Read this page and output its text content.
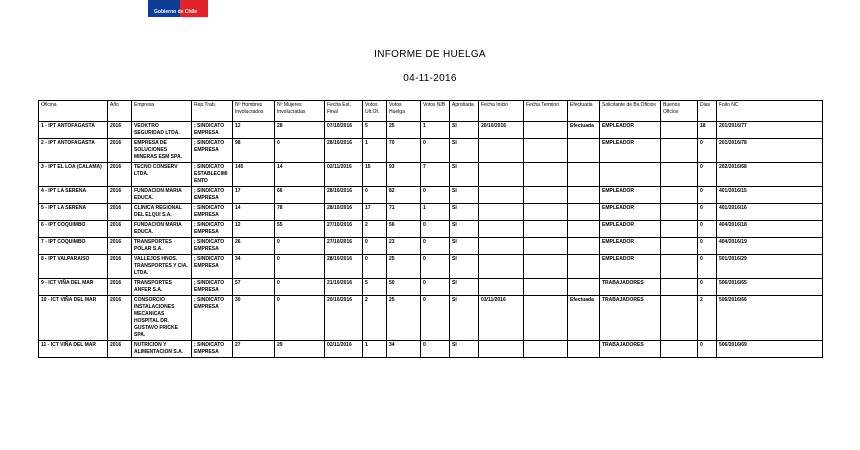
Gobierno de Chile
INFORME DE HUELGA
04-11-2016
Oficina	Año	Empresa	Rep.Trab.	Nº Hombres Involucrados	Nº Mujeres Involucradas	Fecha Est. Final	Votos Ult.Of.	Votos Huelga	Votos N/B	Aprobada	Fecha Inicio	Fecha Termino	Efectuada	Solicitante de Bs.Oficios	Buenos Oficios	Dias	Folio NC
1 - IPT ANTOFAGASTA	2016	VEOKTRO SEGURIDAD LTDA.	; SINDICATO EMPRESA	12	28	07/10/2016	5	25	1	SI	20/10/2016		Efectuada	EMPLEADOR		18	201/2016/77
2 - IPT ANTOFAGASTA	2016	EMPRESA DE SOLUCIONES MINERAS ESM SPA.	; SINDICATO EMPRESA	98	0	28/10/2016	1	70	0	SI				EMPLEADOR		0	201/2016/78
3 - IPT EL LOA (CALAMA)	2016	TECNO CONSERV LTDA.	; SINDICATO ESTABLECIMIENTO	145	14	02/11/2016	15	93	7	SI						0	202/2016/68
4 - IPT LA SERENA	2016	FUNDACION MARIA EDUCA.	; SINDICATO EMPRESA	17	66	28/10/2016	0	82	0	SI				EMPLEADOR		0	401/2016/15
5 - IPT LA SERENA	2016	CLINICA REGIONAL DEL ELQUI S.A.	; SINDICATO EMPRESA	14	78	28/10/2016	17	71	1	SI				EMPLEADOR		0	401/2016/16
6 - IPT COQUIMBO	2016	FUNDACION MARIA EDUCA.	; SINDICATO EMPRESA	12	55	27/10/2016	2	56	0	SI				EMPLEADOR		0	404/2016/18
7 - IPT COQUIMBO	2016	TRANSPORTES POLAR S.A.	; SINDICATO EMPRESA	26	0	27/10/2016	0	23	0	SI				EMPLEADOR		0	404/2016/19
8 - IPT VALPARAISO	2016	VALLEJOS HNOS. TRANSPORTES Y CIA. LTDA.	; SINDICATO EMPRESA	34	0	28/10/2016	0	25	0	SI				EMPLEADOR		0	501/2016/29
9 - ICT VIÑA DEL MAR	2016	TRANSPORTES ANFER S.A.	; SINDICATO EMPRESA	57	0	21/10/2016	5	50	0	SI				TRABAJADORES		0	506/2016/65
10 - ICT VIÑA DEL MAR	2016	CONSORCIO INSTALACIONES MECANICAS HOSPITAL DR. GUSTAVO FRICKE SPA.	; SINDICATO EMPRESA	30	0	20/10/2016	2	25	0	SI	03/11/2016		Efectuada	TRABAJADORES		2	506/2016/66
11 - ICT VIÑA DEL MAR	2016	NUTRICION Y ALIMENTACION S.A.	; SINDICATO EMPRESA	27	29	02/11/2016	1	34	0	SI				TRABAJADORES		0	506/2016/69
